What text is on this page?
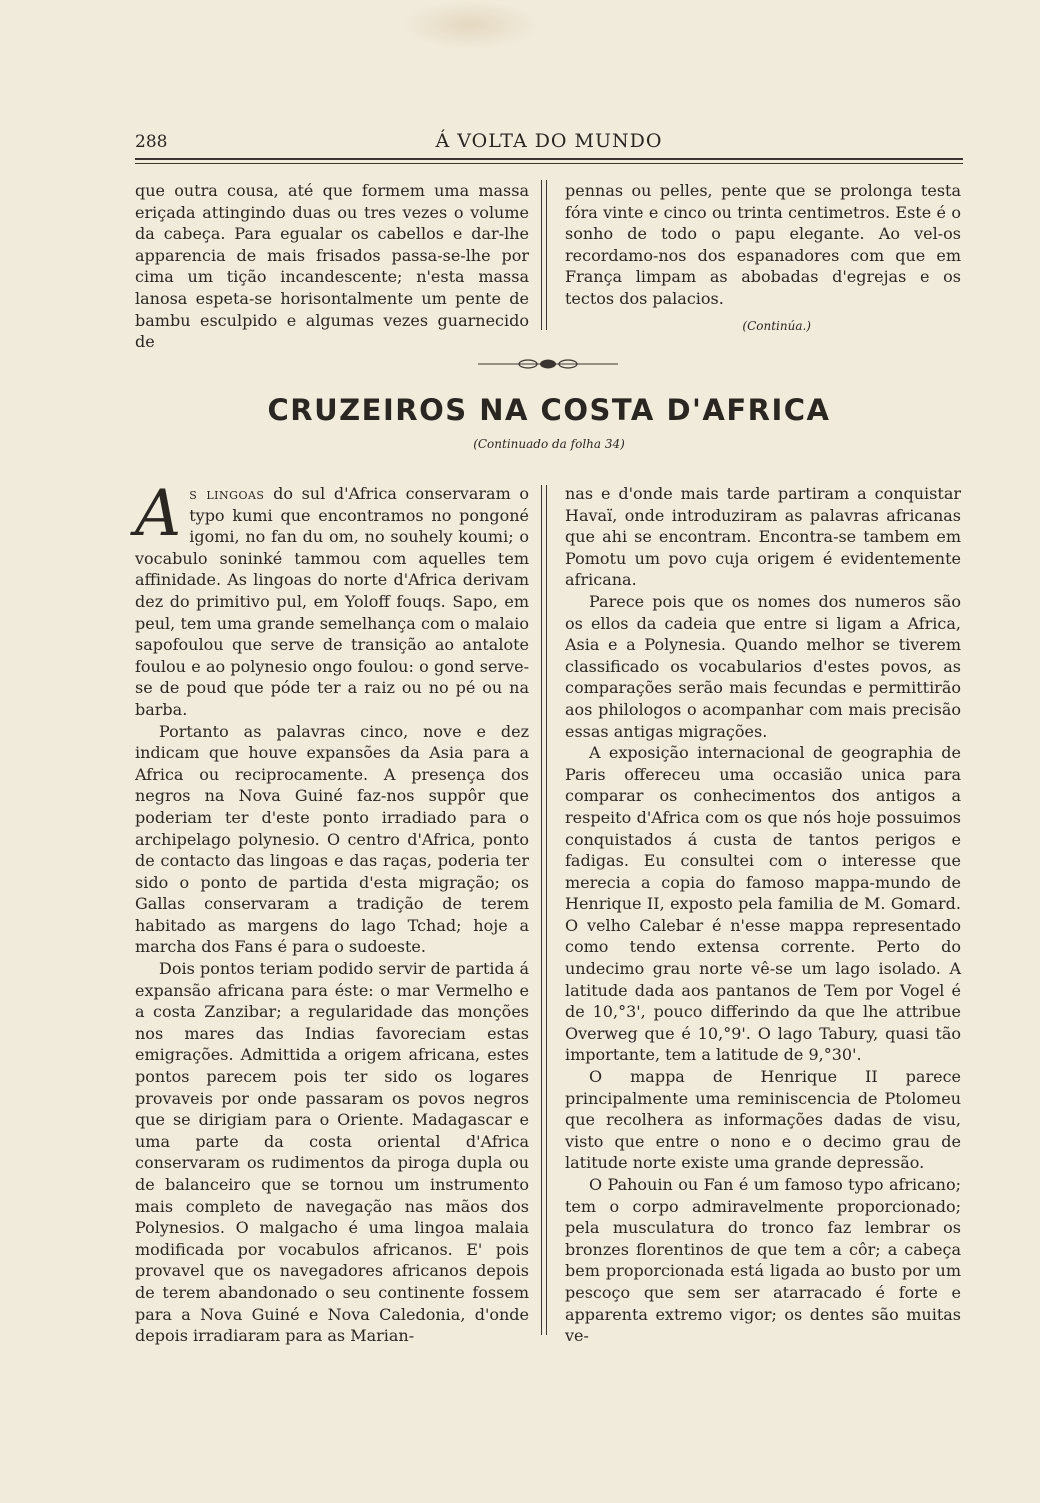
288	Á VOLTA DO MUNDO

que outra cousa, até que formem uma massa eriçada attingindo duas ou tres vezes o volume da cabeça. Para egualar os cabellos e dar-lhe apparencia de mais frisados passa-se-lhe por cima um tição incandescente; n'esta massa lanosa espeta-se horisontalmente um pente de bambu esculpido e algumas vezes guarnecido de

pennas ou pelles, pente que se prolonga testa fóra vinte e cinco ou trinta centimetros. Este é o sonho de todo o papu elegante. Ao vel-os recordamo-nos dos espanadores com que em França limpam as abobadas d'egrejas e os tectos dos palacios.

(Continúa.)

CRUZEIROS NA COSTA D'AFRICA
(Continuado da folha 34)

As lingoas do sul d'Africa conservaram o typo kumi que encontramos no pongoné igomi, no fan du om, no souhely koumi; o vocabulo soninké tammou com aquelles tem affinidade. As lingoas do norte d'Africa derivam dez do primitivo pul, em Yoloff fouqs. Sapo, em peul, tem uma grande semelhança com o malaio sapofoulou que serve de transição ao antalote foulou e ao polynesio ongo foulou: o gond serve-se de poud que póde ter a raiz ou no pé ou na barba.

Portanto as palavras cinco, nove e dez indicam que houve expansões da Asia para a Africa ou reciprocamente. A presença dos negros na Nova Guiné faz-nos suppôr que poderiam ter d'este ponto irradiado para o archipelago polynesio. O centro d'Africa, ponto de contacto das lingoas e das raças, poderia ter sido o ponto de partida d'esta migração; os Gallas conservaram a tradição de terem habitado as margens do lago Tchad; hoje a marcha dos Fans é para o sudoeste.

Dois pontos teriam podido servir de partida á expansão africana para éste: o mar Vermelho e a costa Zanzibar; a regularidade das monções nos mares das Indias favoreciam estas emigrações. Admittida a origem africana, estes pontos parecem pois ter sido os logares provaveis por onde passaram os povos negros que se dirigiam para o Oriente. Madagascar e uma parte da costa oriental d'Africa conservaram os rudimentos da piroga dupla ou de balanceiro que se tornou um instrumento mais completo de navegação nas mãos dos Polynesios. O malgacho é uma lingoa malaia modificada por vocabulos africanos. E' pois provavel que os navegadores africanos depois de terem abandonado o seu continente fossem para a Nova Guiné e Nova Caledonia, d'onde depois irradiaram para as Marian-

nas e d'onde mais tarde partiram a conquistar Havaï, onde introduziram as palavras africanas que ahi se encontram. Encontra-se tambem em Pomotu um povo cuja origem é evidentemente africana.

Parece pois que os nomes dos numeros são os ellos da cadeia que entre si ligam a Africa, Asia e a Polynesia. Quando melhor se tiverem classificado os vocabularios d'estes povos, as comparações serão mais fecundas e permittirão aos philologos o acompanhar com mais precisão essas antigas migrações.

A exposição internacional de geographia de Paris offereceu uma occasião unica para comparar os conhecimentos dos antigos a respeito d'Africa com os que nós hoje possuimos conquistados á custa de tantos perigos e fadigas. Eu consultei com o interesse que merecia a copia do famoso mappa-mundo de Henrique II, exposto pela familia de M. Gomard. O velho Calebar é n'esse mappa representado como tendo extensa corrente. Perto do undecimo grau norte vê-se um lago isolado. A latitude dada aos pantanos de Tem por Vogel é de 10,°3', pouco differindo da que lhe attribue Overweg que é 10,°9'. O lago Tabury, quasi tão importante, tem a latitude de 9,°30'.

O mappa de Henrique II parece principalmente uma reminiscencia de Ptolomeu que recolhera as informações dadas de visu, visto que entre o nono e o decimo grau de latitude norte existe uma grande depressão.

O Pahouin ou Fan é um famoso typo africano; tem o corpo admiravelmente proporcionado; pela musculatura do tronco faz lembrar os bronzes florentinos de que tem a côr; a cabeça bem proporcionada está ligada ao busto por um pescoço que sem ser atarracado é forte e apparenta extremo vigor; os dentes são muitas ve-
